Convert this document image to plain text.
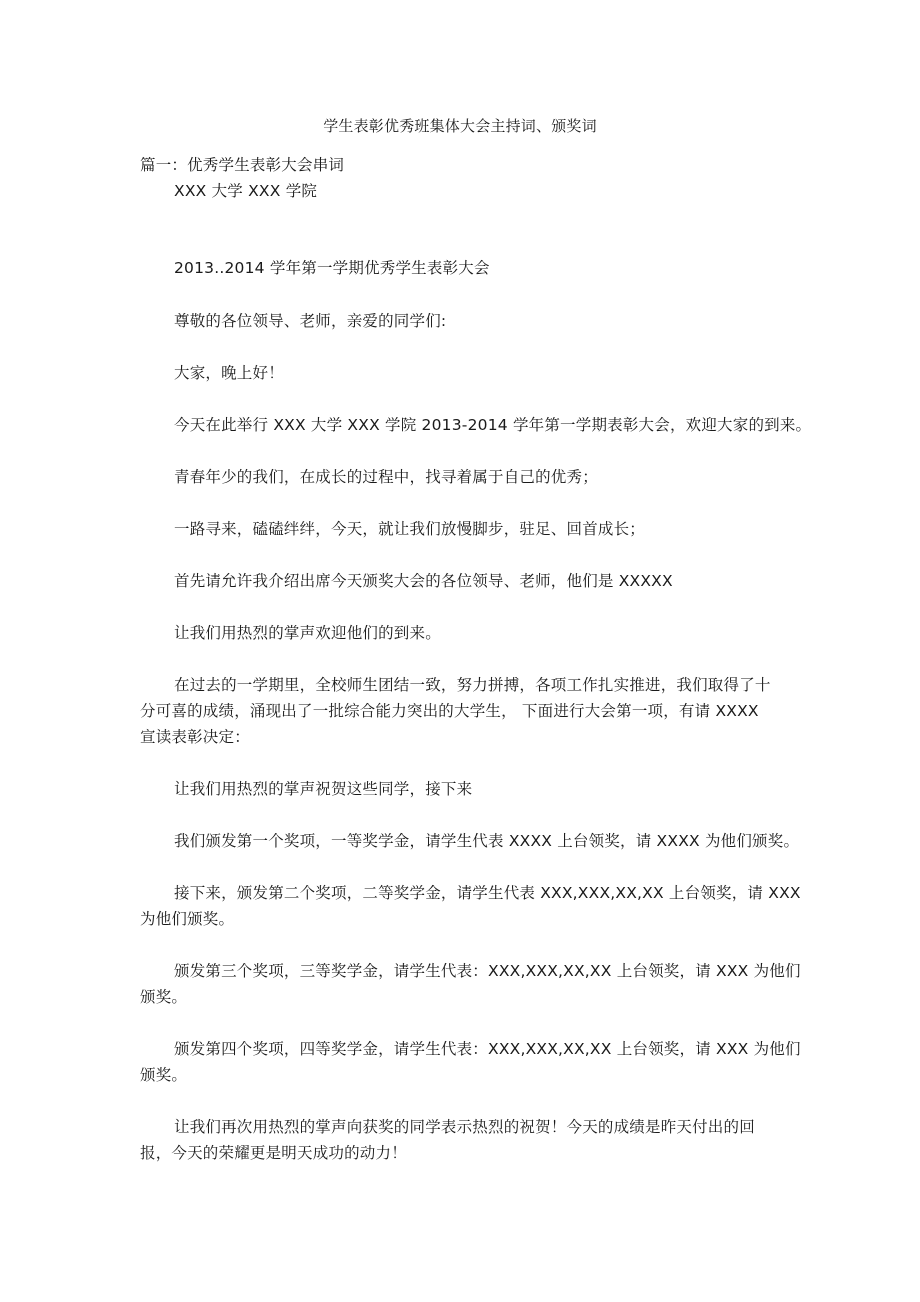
学生表彰优秀班集体大会主持词、颁奖词
篇一：优秀学生表彰大会串词
XXX 大学 XXX 学院
2013..2014 学年第一学期优秀学生表彰大会
尊敬的各位领导、老师，亲爱的同学们:
大家，晚上好！
今天在此举行 XXX 大学 XXX 学院 2013-2014 学年第一学期表彰大会，欢迎大家的到来。
青春年少的我们，在成长的过程中，找寻着属于自己的优秀；
一路寻来，磕磕绊绊，今天，就让我们放慢脚步，驻足、回首成长；
首先请允许我介绍出席今天颁奖大会的各位领导、老师，他们是 XXXXX
让我们用热烈的掌声欢迎他们的到来。
在过去的一学期里，全校师生团结一致，努力拼搏，各项工作扎实推进，我们取得了十
分可喜的成绩，涌现出了一批综合能力突出的大学生， 下面进行大会第一项，有请 XXXX
宣读表彰决定：
让我们用热烈的掌声祝贺这些同学，接下来
我们颁发第一个奖项，一等奖学金，请学生代表 XXXX 上台领奖，请 XXXX 为他们颁奖。
接下来，颁发第二个奖项，二等奖学金，请学生代表 XXX,XXX,XX,XX 上台领奖，请 XXX
为他们颁奖。
颁发第三个奖项，三等奖学金，请学生代表：XXX,XXX,XX,XX 上台领奖，请 XXX 为他们
颁奖。
颁发第四个奖项，四等奖学金，请学生代表：XXX,XXX,XX,XX 上台领奖，请 XXX 为他们
颁奖。
让我们再次用热烈的掌声向获奖的同学表示热烈的祝贺！今天的成绩是昨天付出的回
报，今天的荣耀更是明天成功的动力！
